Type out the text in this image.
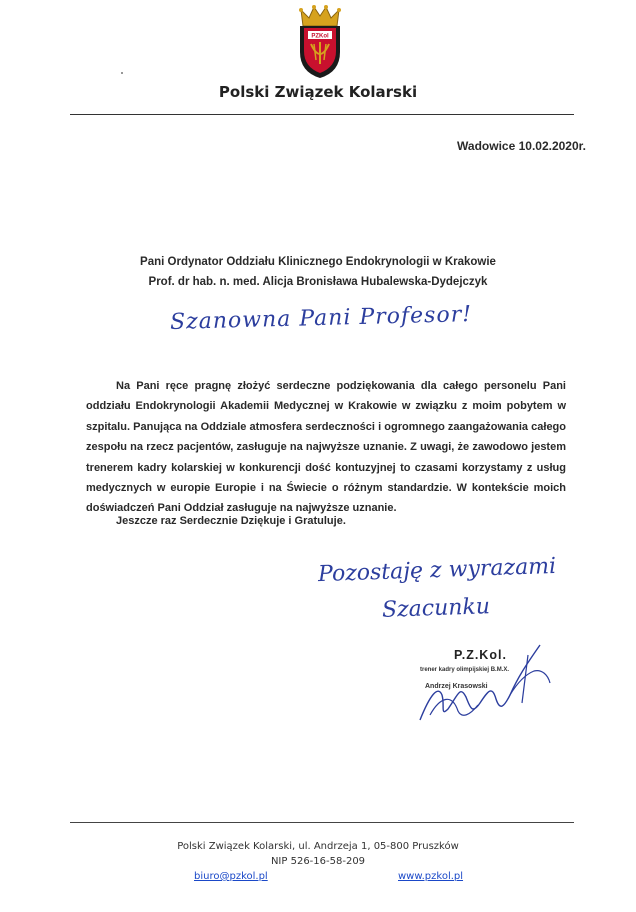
PZKol
Polski Związek Kolarski
Wadowice 10.02.2020r.
Pani Ordynator Oddziału Klinicznego Endokrynologii w Krakowie
Prof. dr hab. n. med. Alicja Bronisława Hubalewska-Dydejczyk
Szanowna Pani Profesor!

Na Pani ręce pragnę złożyć serdeczne podziękowania dla całego personelu Pani oddziału Endokrynologii Akademii Medycznej w Krakowie w związku z moim pobytem w szpitalu. Panująca na Oddziale atmosfera serdeczności i ogromnego zaangażowania całego zespołu na rzecz pacjentów, zasługuje na najwyższe uznanie. Z uwagi, że zawodowo jestem trenerem kadry kolarskiej w konkurencji dość kontuzyjnej to czasami korzystamy z usług medycznych w europie Europie i na Świecie o różnym standardzie. W kontekście moich doświadczeń Pani Oddział zasługuje na najwyższe uznanie.

Jeszcze raz Serdecznie Dziękuje i Gratuluje.
Pozostaję z wyrazami
Szacunku
P.Z.Kol.
trener kadry olimpijskiej B.M.X.
Andrzej Krasowski
Polski Związek Kolarski, ul. Andrzeja 1, 05-800 Pruszków
NIP 526-16-58-209
biuro@pzkol.pl	www.pzkol.pl
